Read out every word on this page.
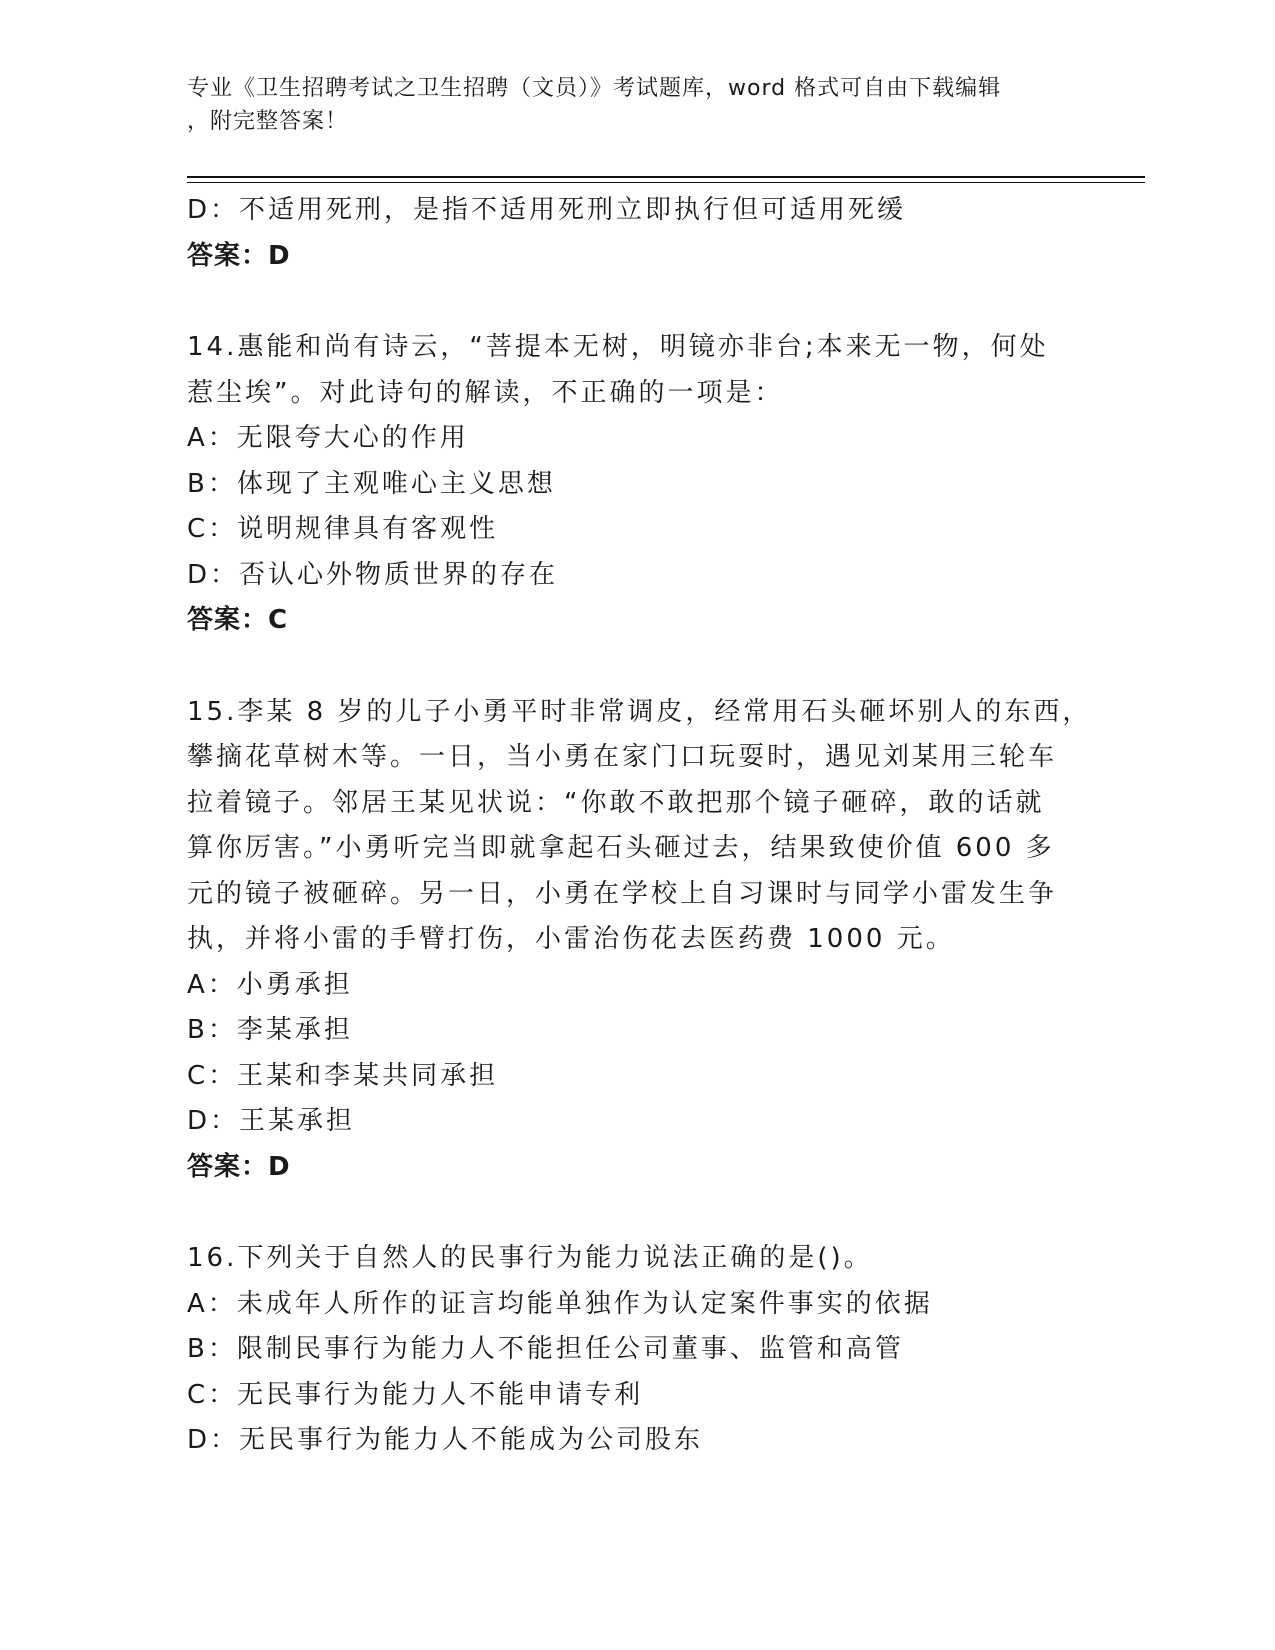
专业《卫生招聘考试之卫生招聘（文员）》考试题库，word 格式可自由下载编辑
，附完整答案！
D：不适用死刑，是指不适用死刑立即执行但可适用死缓
答案：D
14.惠能和尚有诗云，“菩提本无树，明镜亦非台;本来无一物，何处
惹尘埃”。对此诗句的解读，不正确的一项是：
A：无限夸大心的作用
B：体现了主观唯心主义思想
C：说明规律具有客观性
D：否认心外物质世界的存在
答案：C
15.李某 8 岁的儿子小勇平时非常调皮，经常用石头砸坏别人的东西，
攀摘花草树木等。一日，当小勇在家门口玩耍时，遇见刘某用三轮车
拉着镜子。邻居王某见状说：“你敢不敢把那个镜子砸碎，敢的话就
算你厉害。”小勇听完当即就拿起石头砸过去，结果致使价值 600 多
元的镜子被砸碎。另一日，小勇在学校上自习课时与同学小雷发生争
执，并将小雷的手臂打伤，小雷治伤花去医药费 1000 元。
A：小勇承担
B：李某承担
C：王某和李某共同承担
D：王某承担
答案：D
16.下列关于自然人的民事行为能力说法正确的是()。
A：未成年人所作的证言均能单独作为认定案件事实的依据
B：限制民事行为能力人不能担任公司董事、监管和高管
C：无民事行为能力人不能申请专利
D：无民事行为能力人不能成为公司股东
